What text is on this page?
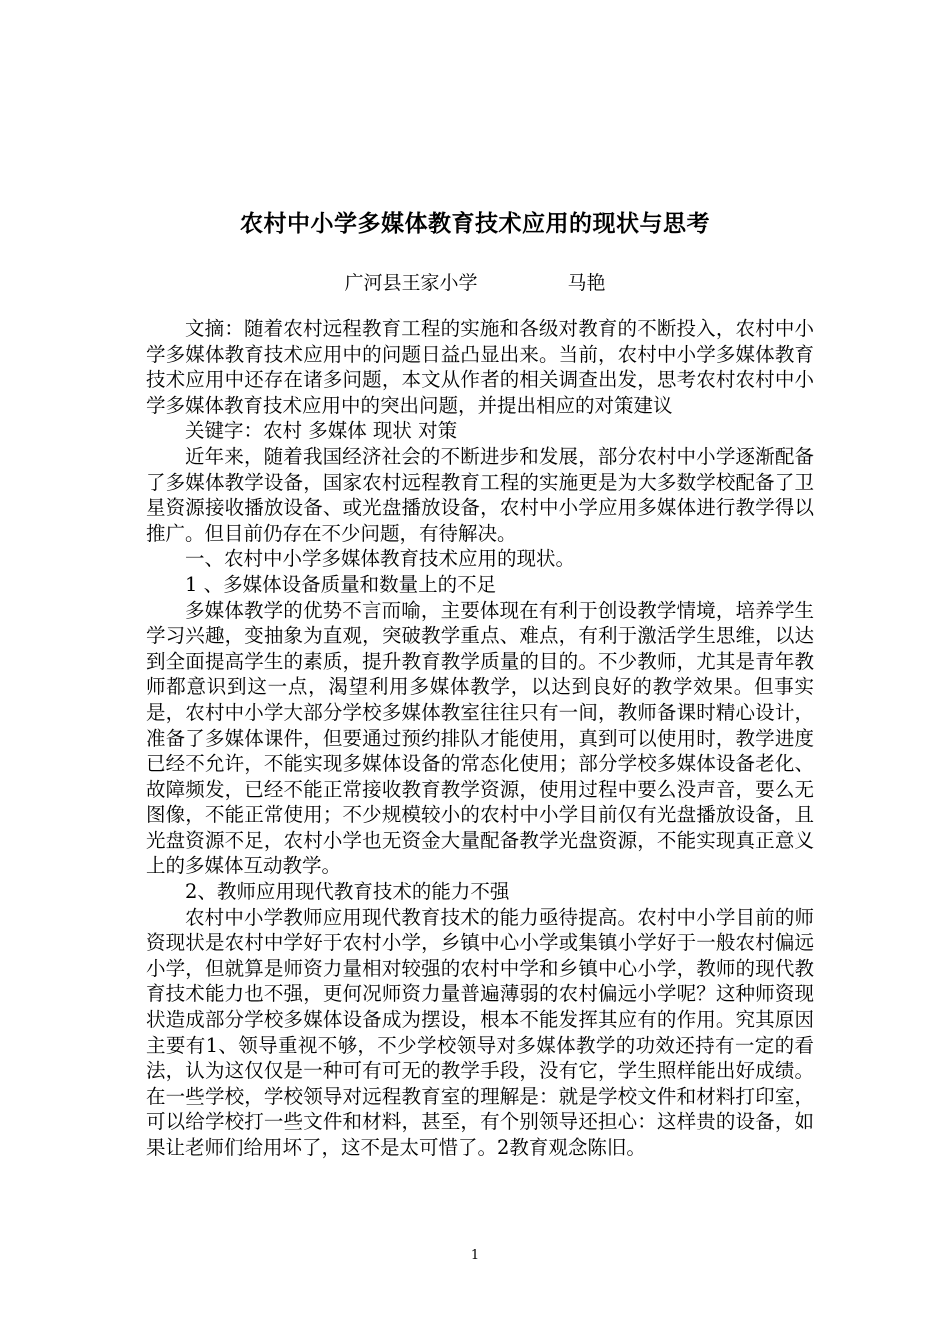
农村中小学多媒体教育技术应用的现状与思考
广河县王家小学	马艳

文摘：随着农村远程教育工程的实施和各级对教育的不断投入，农村中小学多媒体教育技术应用中的问题日益凸显出来。当前，农村中小学多媒体教育技术应用中还存在诸多问题，本文从作者的相关调查出发，思考农村农村中小学多媒体教育技术应用中的突出问题，并提出相应的对策建议

关键字：农村 多媒体 现状 对策

近年来，随着我国经济社会的不断进步和发展，部分农村中小学逐渐配备了多媒体教学设备，国家农村远程教育工程的实施更是为大多数学校配备了卫星资源接收播放设备、或光盘播放设备，农村中小学应用多媒体进行教学得以推广。但目前仍存在不少问题，有待解决。

一、农村中小学多媒体教育技术应用的现状。

1 、多媒体设备质量和数量上的不足

多媒体教学的优势不言而喻，主要体现在有利于创设教学情境，培养学生学习兴趣，变抽象为直观，突破教学重点、难点，有利于激活学生思维，以达到全面提高学生的素质，提升教育教学质量的目的。不少教师，尤其是青年教师都意识到这一点，渴望利用多媒体教学，以达到良好的教学效果。但事实是，农村中小学大部分学校多媒体教室往往只有一间，教师备课时精心设计，准备了多媒体课件，但要通过预约排队才能使用，真到可以使用时，教学进度已经不允许，不能实现多媒体设备的常态化使用；部分学校多媒体设备老化、故障频发，已经不能正常接收教育教学资源，使用过程中要么没声音，要么无图像，不能正常使用；不少规模较小的农村中小学目前仅有光盘播放设备，且光盘资源不足，农村小学也无资金大量配备教学光盘资源，不能实现真正意义上的多媒体互动教学。

2、教师应用现代教育技术的能力不强

农村中小学教师应用现代教育技术的能力亟待提高。农村中小学目前的师资现状是农村中学好于农村小学，乡镇中心小学或集镇小学好于一般农村偏远小学，但就算是师资力量相对较强的农村中学和乡镇中心小学，教师的现代教育技术能力也不强，更何况师资力量普遍薄弱的农村偏远小学呢？这种师资现状造成部分学校多媒体设备成为摆设，根本不能发挥其应有的作用。究其原因主要有1、领导重视不够，不少学校领导对多媒体教学的功效还持有一定的看法，认为这仅仅是一种可有可无的教学手段，没有它，学生照样能出好成绩。在一些学校，学校领导对远程教育室的理解是：就是学校文件和材料打印室，可以给学校打一些文件和材料，甚至，有个别领导还担心：这样贵的设备，如果让老师们给用坏了，这不是太可惜了。2教育观念陈旧。

1
